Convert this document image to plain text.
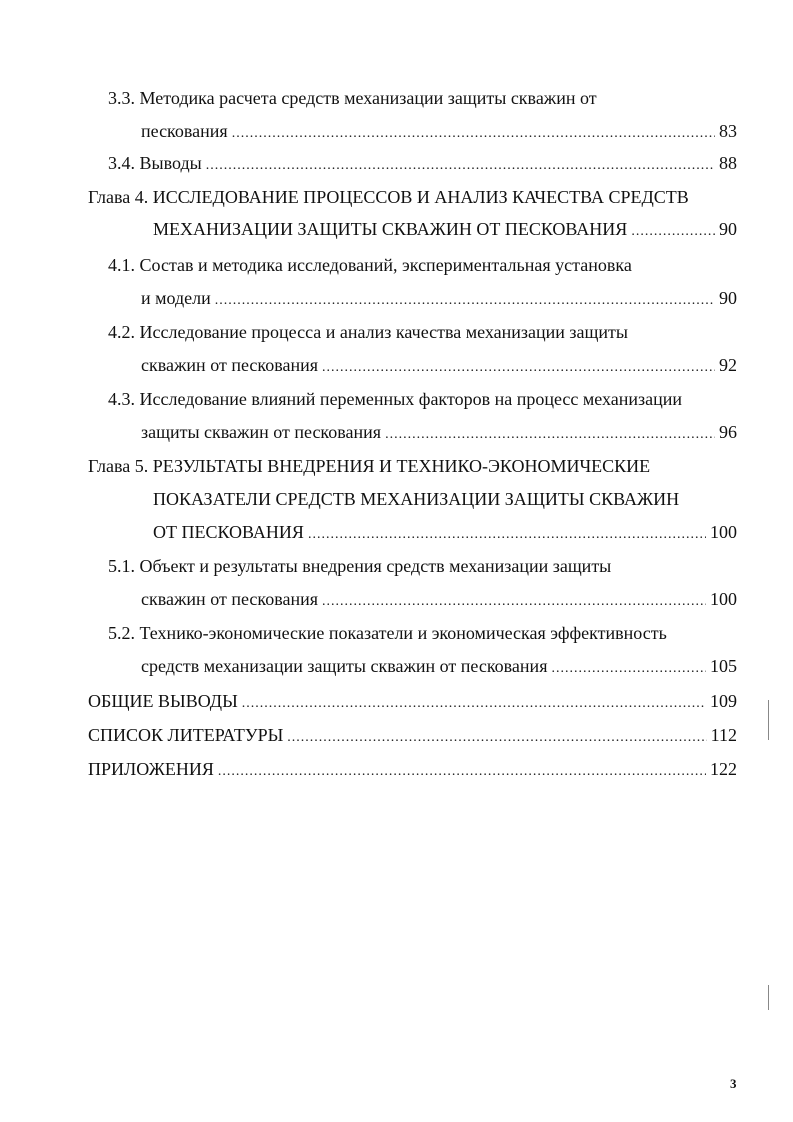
3.3. Методика расчета средств механизации защиты скважин от
пескования .....	83
3.4. Выводы .....	88
Глава 4. ИССЛЕДОВАНИЕ ПРОЦЕССОВ И АНАЛИЗ КАЧЕСТВА СРЕДСТВ
МЕХАНИЗАЦИИ ЗАЩИТЫ СКВАЖИН ОТ ПЕСКОВАНИЯ .....	90
4.1. Состав и методика исследований, экспериментальная установка
и модели .....	90
4.2. Исследование процесса и анализ качества механизации защиты
скважин от пескования .....	92
4.3. Исследование влияний переменных факторов на процесс механизации
защиты скважин от пескования .....	96
Глава 5. РЕЗУЛЬТАТЫ ВНЕДРЕНИЯ И ТЕХНИКО-ЭКОНОМИЧЕСКИЕ
ПОКАЗАТЕЛИ СРЕДСТВ МЕХАНИЗАЦИИ ЗАЩИТЫ СКВАЖИН
ОТ ПЕСКОВАНИЯ .....	100
5.1. Объект и результаты внедрения средств механизации защиты
скважин от пескования .....	100
5.2. Технико-экономические показатели и экономическая эффективность
средств механизации защиты скважин от пескования .....	105
ОБЩИЕ ВЫВОДЫ .....	109
СПИСОК ЛИТЕРАТУРЫ .....	112
ПРИЛОЖЕНИЯ .....	122
3
